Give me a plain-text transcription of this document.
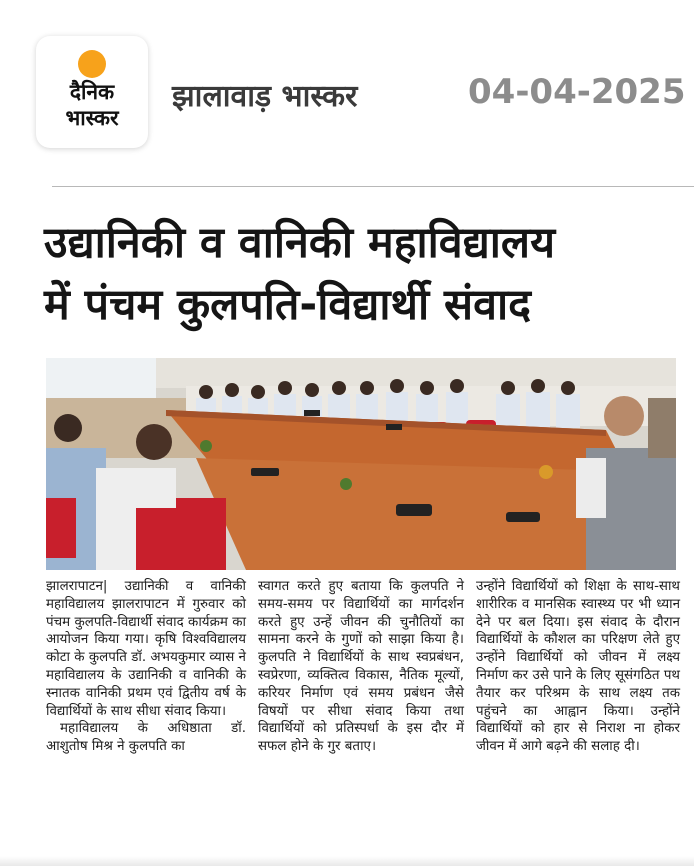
दैनिक
भास्कर
झालावाड़ भास्कर	04-04-2025
उद्यानिकी व वानिकी महाविद्यालय
में पंचम कुलपति-विद्यार्थी संवाद

झालरापाटन| उद्यानिकी व वानिकी महाविद्यालय झालरापाटन में गुरुवार को पंचम कुलपति-विद्यार्थी संवाद कार्यक्रम का आयोजन किया गया। कृषि विश्वविद्यालय कोटा के कुलपति डॉ. अभयकुमार व्यास ने महाविद्यालय के उद्यानिकी व वानिकी के स्नातक वानिकी प्रथम एवं द्वितीय वर्ष के विद्यार्थियों के साथ सीधा संवाद किया।

महाविद्यालय के अधिष्ठाता डॉ. आशुतोष मिश्र ने कुलपति का

स्वागत करते हुए बताया कि कुलपति ने समय-समय पर विद्यार्थियों का मार्गदर्शन करते हुए उन्हें जीवन की चुनौतियों का सामना करने के गुणों को साझा किया है। कुलपति ने विद्यार्थियों के साथ स्वप्रबंधन, स्वप्रेरणा, व्यक्तित्व विकास, नैतिक मूल्यों, करियर निर्माण एवं समय प्रबंधन जैसे विषयों पर सीधा संवाद किया तथा विद्यार्थियों को प्रतिस्पर्धा के इस दौर में सफल होने के गुर बताए।

उन्होंने विद्यार्थियों को शिक्षा के साथ-साथ शारीरिक व मानसिक स्वास्थ्य पर भी ध्यान देने पर बल दिया। इस संवाद के दौरान विद्यार्थियों के कौशल का परिक्षण लेते हुए उन्होंने विद्यार्थियों को जीवन में लक्ष्य निर्माण कर उसे पाने के लिए सूसंगठित पथ तैयार कर परिश्रम के साथ लक्ष्य तक पहुंचने का आह्वान किया। उन्होंने विद्यार्थियों को हार से निराश ना होकर जीवन में आगे बढ़ने की सलाह दी।
